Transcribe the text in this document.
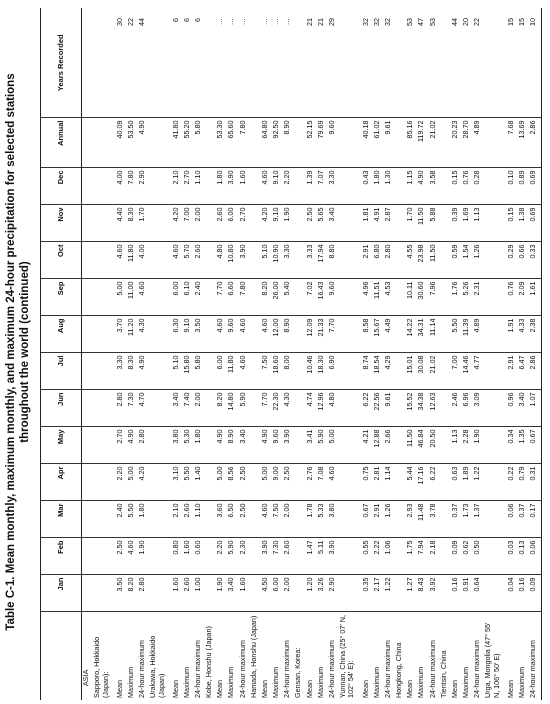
Table C-1. Mean monthly, maximum monthly, and maximum 24-hour precipitation for selected stations throughout the world (continued)
	Jan	Feb	Mar	Apr	May	Jun	Jul	Aug	Sep	Oct	Nov	Dec	Annual	Years Recorded
ASIA														
Sapporo, Hokkaido (Japan):														
Mean	3.50	2.50	2.40	2.20	2.70	2.80	3.30	3.70	5.00	4.60	4.40	4.00	40.09	30
Maximum	8.20	4.60	5.50	5.00	4.90	7.30	8.30	11.20	11.00	11.80	8.30	7.80	53.50	22
24-hour maximum	2.80	1.90	1.80	4.20	2.80	4.70	4.90	4.30	4.60	4.00	1.70	2.90	4.90	44
Urakawa, Hokkaido (Japan)														
Mean	1.60	0.80	2.10	3.10	3.80	3.40	5.10	6.30	6.00	4.60	4.20	2.10	41.80	6
Maximum	2.60	1.60	2.60	5.50	5.30	7.40	15.80	9.10	6.10	5.70	7.00	2.70	55.20	6
24-hour maximum	1.00	0.60	1.10	1.40	1.80	2.00	5.80	3.50	2.40	2.60	2.00	1.10	5.80	6
Kobe, Honshu (Japan)														
Mean	1.90	2.20	3.60	5.00	4.90	8.20	6.00	4.60	7.70	4.80	2.60	1.80	53.30	…
Maximum	3.40	5.90	6.50	8.56	8.90	14.80	11.80	9.60	6.60	10.80	6.00	3.90	65.60	…
24-hour maximum	1.60	2.30	2.50	2.50	3.40	5.90	4.60	4.60	7.80	3.90	2.70	1.60	7.80	…
Hamada, Honshu (Japan)														
Mean	4.50	3.90	4.60	5.00	4.90	7.70	7.50	4.60	8.20	5.10	4.20	4.60	64.80	…
Maximum	6.00	7.30	7.50	9.00	9.60	22.30	18.60	12.00	26.00	10.90	9.10	9.10	92.50	…
24-hour maximum	2.00	2.60	2.00	2.50	3.90	4.30	8.00	8.90	5.40	3.30	1.90	2.20	8.90	…
Gensan, Korea:														
Mean	1.20	1.47	1.78	2.76	3.41	4.74	10.46	12.09	7.02	3.33	2.50	1.39	52.15	21
Maximum	3.26	5.11	5.33	7.08	5.90	12.96	18.30	21.33	16.43	17.94	5.65	7.07	79.69	21
24-hour maximum	2.90	3.90	3.80	4.60	5.00	4.80	6.90	7.70	9.60	8.80	3.40	3.30	9.60	29
Yunnan, China (25° 07′ N, 102° 54′ E):														
Mean	0.35	0.55	0.67	0.75	4.21	6.22	8.74	8.58	4.96	2.91	1.81	0.43	40.18	32
Maximum	2.17	2.22	2.91	2.81	12.88	22.56	18.54	15.67	11.51	6.80	4.91	1.80	61.02	32
24-hour maximum	1.22	1.06	1.26	1.14	2.66	9.61	4.29	4.49	4.53	2.80	2.87	1.30	9.61	32
Hongkong, China														
Mean	1.27	1.75	2.93	5.44	11.50	15.52	15.01	14.22	10.11	4.55	1.70	1.15	85.16	53
Maximum	8.43	7.94	11.48	17.16	46.84	34.38	30.08	34.31	30.60	23.98	11.50	4.90	119.72	47
24-hour maximum	3.92	2.18	3.78	6.22	20.50	12.63	21.02	11.14	7.96	11.50	5.88	3.58	21.02	53
Tientsin, China														
Mean	0.16	0.09	0.37	0.63	1.13	2.46	7.00	5.50	1.76	0.59	0.39	0.15	20.23	44
Maximum	0.91	0.62	1.73	1.89	2.28	6.96	14.46	11.39	5.26	1.54	1.69	0.76	28.70	20
24-hour maximum	0.64	0.50	1.37	1.22	1.90	3.09	4.77	4.89	2.31	1.26	1.13	0.28	4.89	22
Urga, Mongolia (47° 55′ N, 106° 50′ E)														
Mean	0.04	0.03	0.06	0.22	0.34	0.96	2.91	1.91	0.76	0.29	0.15	0.10	7.68	15
Maximum	0.16	0.13	0.37	0.79	1.35	3.40	6.47	4.33	2.09	0.66	1.38	0.89	13.69	15
24-hour maximum	0.09	0.06	0.17	0.31	0.67	1.07	2.86	2.38	1.61	0.33	0.69	0.69	2.86	10
